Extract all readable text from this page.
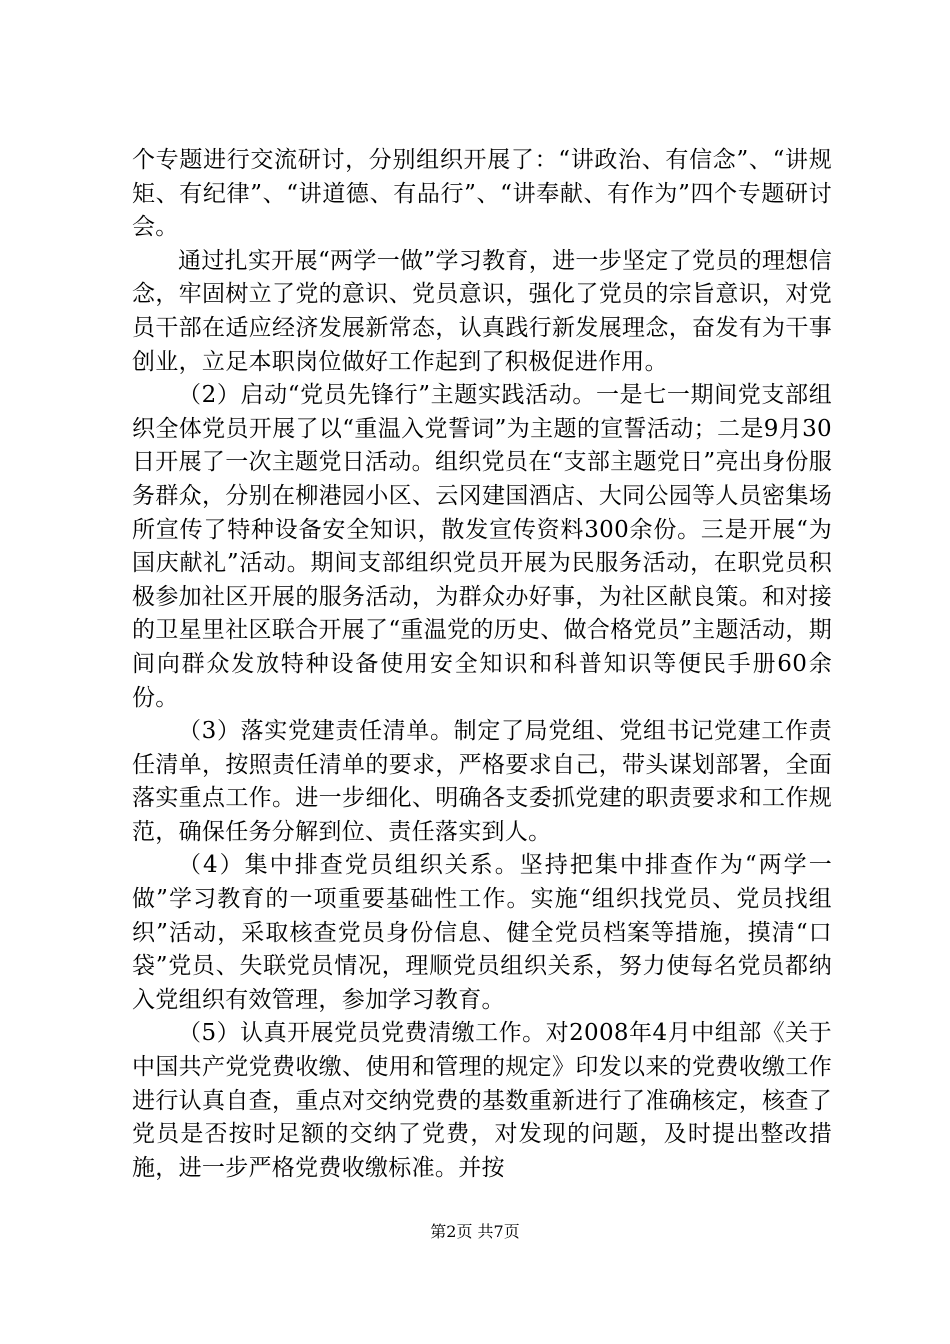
个专题进行交流研讨，分别组织开展了：“讲政治、有信念”、“讲规矩、有纪律”、“讲道德、有品行”、“讲奉献、有作为”四个专题研讨会。

通过扎实开展“两学一做”学习教育，进一步坚定了党员的理想信念，牢固树立了党的意识、党员意识，强化了党员的宗旨意识，对党员干部在适应经济发展新常态，认真践行新发展理念，奋发有为干事创业，立足本职岗位做好工作起到了积极促进作用。

（2）启动“党员先锋行”主题实践活动。一是七一期间党支部组织全体党员开展了以“重温入党誓词”为主题的宣誓活动；二是9月30日开展了一次主题党日活动。组织党员在“支部主题党日”亮出身份服务群众，分别在柳港园小区、云冈建国酒店、大同公园等人员密集场所宣传了特种设备安全知识，散发宣传资料300余份。三是开展“为国庆献礼”活动。期间支部组织党员开展为民服务活动，在职党员积极参加社区开展的服务活动，为群众办好事，为社区献良策。和对接的卫星里社区联合开展了“重温党的历史、做合格党员”主题活动，期间向群众发放特种设备使用安全知识和科普知识等便民手册60余份。

（3）落实党建责任清单。制定了局党组、党组书记党建工作责任清单，按照责任清单的要求，严格要求自己，带头谋划部署，全面落实重点工作。进一步细化、明确各支委抓党建的职责要求和工作规范，确保任务分解到位、责任落实到人。

（4）集中排查党员组织关系。坚持把集中排查作为“两学一做”学习教育的一项重要基础性工作。实施“组织找党员、党员找组织”活动，采取核查党员身份信息、健全党员档案等措施，摸清“口袋”党员、失联党员情况，理顺党员组织关系，努力使每名党员都纳入党组织有效管理，参加学习教育。

（5）认真开展党员党费清缴工作。对2008年4月中组部《关于中国共产党党费收缴、使用和管理的规定》印发以来的党费收缴工作进行认真自查，重点对交纳党费的基数重新进行了准确核定，核查了党员是否按时足额的交纳了党费，对发现的问题，及时提出整改措施，进一步严格党费收缴标准。并按

第2页 共7页
